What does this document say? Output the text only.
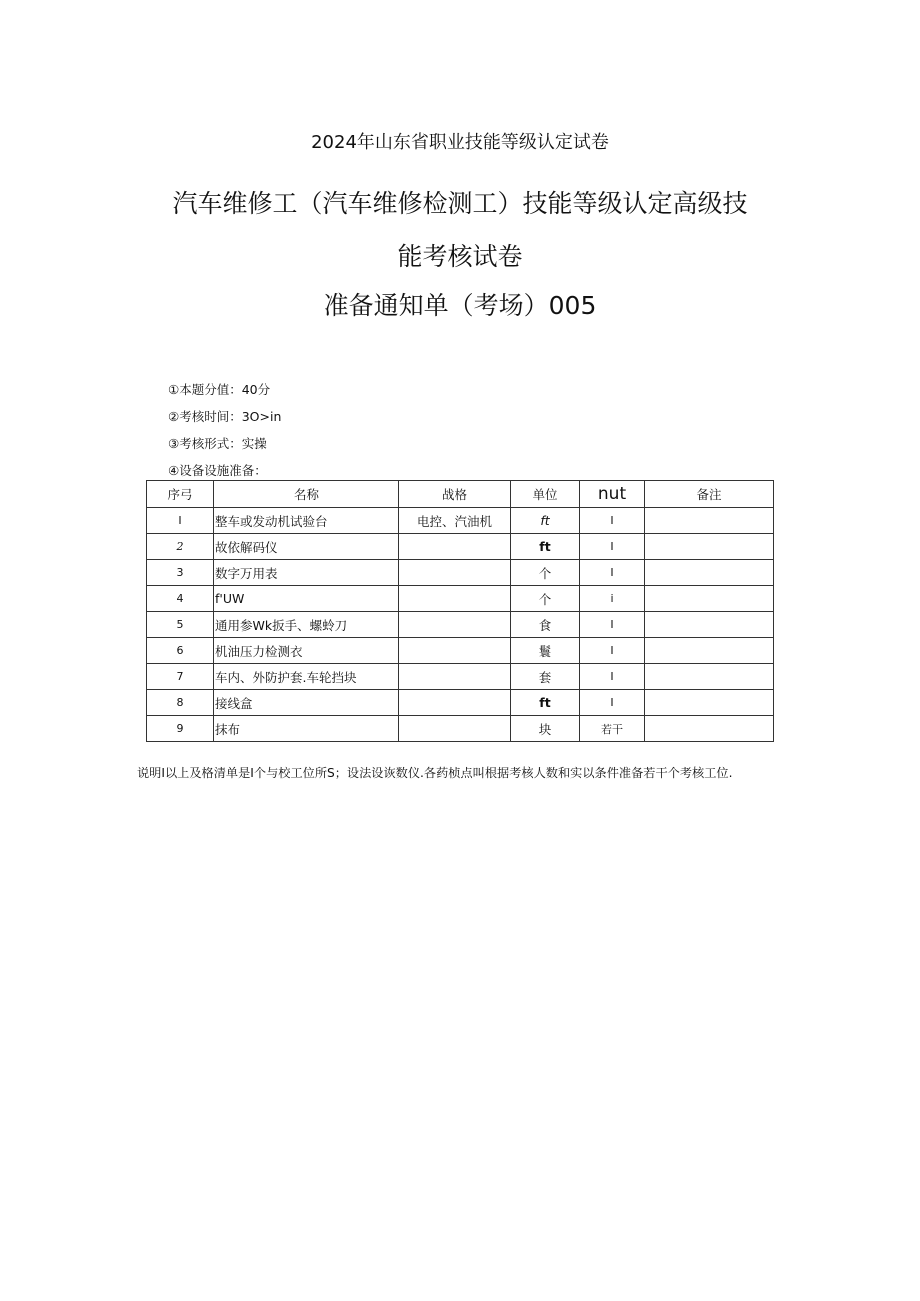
2024年山东省职业技能等级认定试卷
汽车维修工（汽车维修检测工）技能等级认定高级技
能考核试卷
准备通知单（考场）005
①本题分值：40分
②考核时间：3O>in
③考核形式：实操
④设备设施准备：
序弓	名称	战格	单位	nut	备注
I	整车或发动机试验台	电控、汽油机	ft	I	
2	故依解码仪		ft	I	
3	数字万用表		个	I	
4	f'UW		个	i	
5	通用参Wk扳手、螺蛉刀		食	I	
6	机油压力检测衣		鬟	I	
7	车内、外防护套.车轮挡块		套	I	
8	接线盒		ft	I	
9	抹布		块	若干	
说明I以上及格清单是I个与校工位所S；设法设诙数仪.各药桢点叫根据考核人数和实以条件准备若干个考核工位.
